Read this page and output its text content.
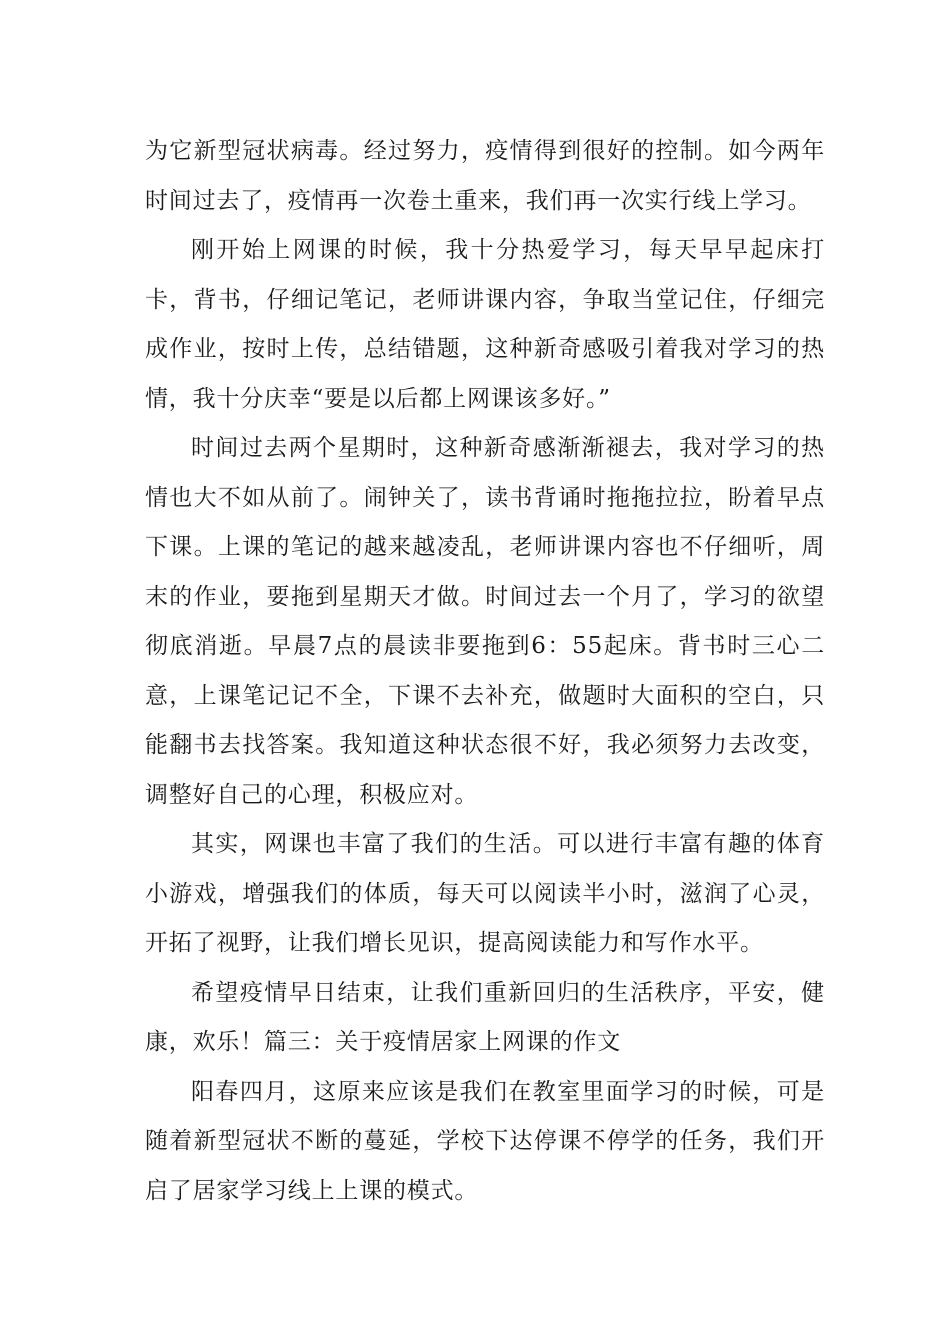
为它新型冠状病毒。经过努力，疫情得到很好的控制。如今两年时间过去了，疫情再一次卷土重来，我们再一次实行线上学习。

刚开始上网课的时候，我十分热爱学习，每天早早起床打卡，背书，仔细记笔记，老师讲课内容，争取当堂记住，仔细完成作业，按时上传，总结错题，这种新奇感吸引着我对学习的热情，我十分庆幸“要是以后都上网课该多好。”

时间过去两个星期时，这种新奇感渐渐褪去，我对学习的热情也大不如从前了。闹钟关了，读书背诵时拖拖拉拉，盼着早点下课。上课的笔记的越来越凌乱，老师讲课内容也不仔细听，周末的作业，要拖到星期天才做。时间过去一个月了，学习的欲望彻底消逝。早晨7点的晨读非要拖到6：55起床。背书时三心二意，上课笔记记不全，下课不去补充，做题时大面积的空白，只能翻书去找答案。我知道这种状态很不好，我必须努力去改变，调整好自己的心理，积极应对。

其实，网课也丰富了我们的生活。可以进行丰富有趣的体育小游戏，增强我们的体质，每天可以阅读半小时，滋润了心灵，开拓了视野，让我们增长见识，提高阅读能力和写作水平。

希望疫情早日结束，让我们重新回归的生活秩序，平安，健康，欢乐！篇三：关于疫情居家上网课的作文

阳春四月，这原来应该是我们在教室里面学习的时候，可是随着新型冠状不断的蔓延，学校下达停课不停学的任务，我们开启了居家学习线上上课的模式。
